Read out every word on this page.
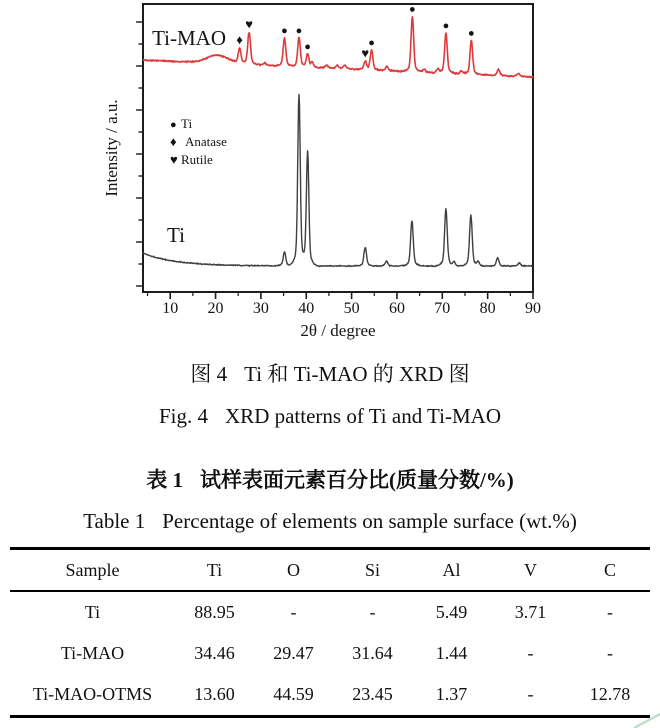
10 20 30 40 50 60 70 80 90
2θ / degree
Intensity / a.u.	● Ti
♦ Anatase
♥ Rutile
♦
♥	● ●
●	♥
●
●
●
●
Ti-MAO
Ti
图 4 Ti 和 Ti-MAO 的 XRD 图
Fig. 4 XRD patterns of Ti and Ti-MAO
表 1 试样表面元素百分比(质量分数/%)
Table 1 Percentage of elements on sample surface (wt.%)
Sample	Ti	O	Si	Al	V	C
Ti	88.95	-	-	5.49	3.71	-
Ti-MAO	34.46	29.47	31.64	1.44	-	-
Ti-MAO-OTMS	13.60	44.59	23.45	1.37	-	12.78
